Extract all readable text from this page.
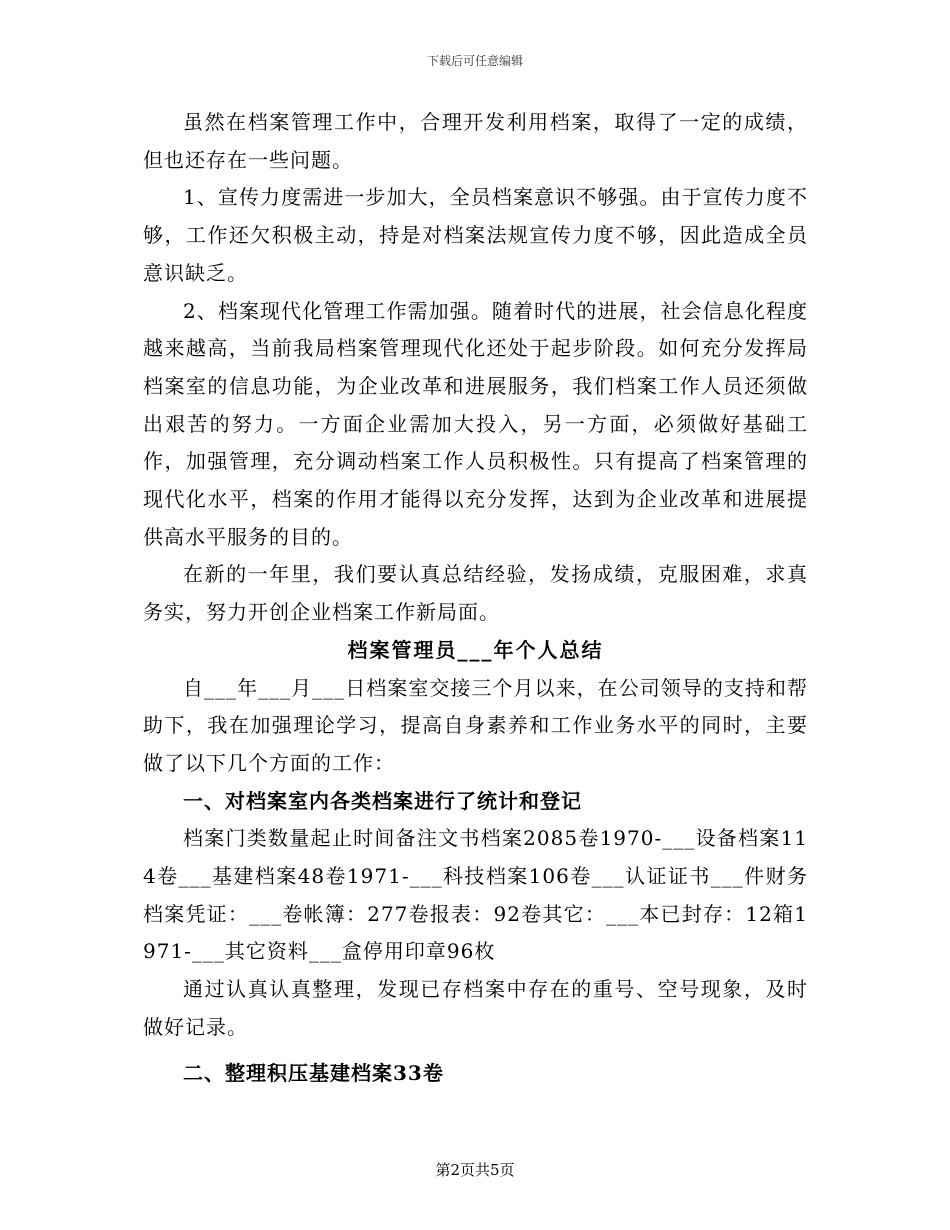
下载后可任意编辑

虽然在档案管理工作中，合理开发利用档案，取得了一定的成绩，但也还存在一些问题。

1、宣传力度需进一步加大，全员档案意识不够强。由于宣传力度不够，工作还欠积极主动，持是对档案法规宣传力度不够，因此造成全员意识缺乏。

2、档案现代化管理工作需加强。随着时代的进展，社会信息化程度越来越高，当前我局档案管理现代化还处于起步阶段。如何充分发挥局档案室的信息功能，为企业改革和进展服务，我们档案工作人员还须做出艰苦的努力。一方面企业需加大投入，另一方面，必须做好基础工作，加强管理，充分调动档案工作人员积极性。只有提高了档案管理的现代化水平，档案的作用才能得以充分发挥，达到为企业改革和进展提供高水平服务的目的。

在新的一年里，我们要认真总结经验，发扬成绩，克服困难，求真务实，努力开创企业档案工作新局面。

档案管理员___年个人总结

自___年___月___日档案室交接三个月以来，在公司领导的支持和帮助下，我在加强理论学习，提高自身素养和工作业务水平的同时，主要做了以下几个方面的工作：

一、对档案室内各类档案进行了统计和登记

档案门类数量起止时间备注文书档案2085卷1970-___设备档案114卷___基建档案48卷1971-___科技档案106卷___认证证书___件财务档案凭证：___卷帐簿：277卷报表：92卷其它：___本已封存：12箱1971-___其它资料___盒停用印章96枚

通过认真认真整理，发现已存档案中存在的重号、空号现象，及时做好记录。

二、整理积压基建档案33卷

第2页共5页
